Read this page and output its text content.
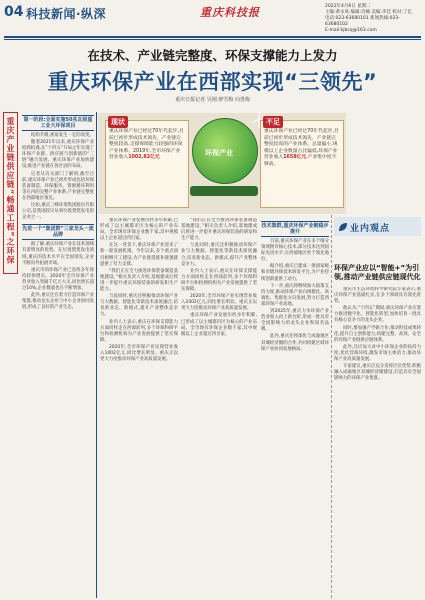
04 科技新闻·纵深	重庆科技报	2021年4月6日 星期二
主编:黄永凤 编辑:肖楠 美编:李佳 校对:了亿
电话:023-63680101 新闻热线:023-63680102
E-mail:kjbcq@163.com
在技术、产业链完整度、环保支撑能力上发力
重庆环保产业在西部实现“三领先”
重庆日报记者 吴刚 廖雪梅 向勇梅
重庆产业链供应链“畅通工程”之环保	第一阶段:全面实施50兆瓦级重工业大环保项目

结构升级,视角发生一定的改变。

随着2021年以来,重庆环保产业抢抓机遇,在“十四五”开局之年实现了环保产业链、供应链与创新链的“三链”融合发展。重庆环保产业加快建设,推进产业链在各区县的布局。

记者从有关部门了解到,截至目前,重庆环保产业已初步形成包括环保装备制造、环保服务、资源循环利用等在内的完整产业体系,产业链完整度在西部地区领先。

比如,重庆三峰环境集团股份有限公司,是我国较早从事垃圾焚烧发电的企业之一。

先进一个“集团群”三家龙头一流品牌

据了解,重庆环保产业在技术领域有着明显的优势。在垃圾焚烧发电领域,重庆的技术水平在全国领先,企业不断向外拓展市场。

重庆市的环保产业已连续多年保持较快增长。2020年全市环保产业营业收入突破千亿元大关,同比增长超过10%,企业数量也在不断增加。

此外,重庆还在着力打造环保产业集群,推动龙头企业与中小企业协同发展,形成了良好的产业生态。

现状
重庆环保产业已经过70年代起步,目前已初步形成技术领先、产业链完整度较高,支撑保障能力较强的环保产业体系。2019年,全市环保产业营业收入1002.82亿元
环保产业
不足
重庆环保产业已经过70年代起步,目前已初步形成技术领先、产业链完整度较高的产业体系。总量偏小,规模以上企业数量占比偏低,环保产业营业收入1658亿元,产业集中度不够高。

重庆环保产业发展历经多年积累,已形成了以主城都市区为核心的产业布局。全市现有环保企业数千家,其中规模以上企业超过四百家。

在这一背景下,重庆环保产业迎来了新一轮发展机遇。今年以来,多个重点项目相继开工建设,为产业链延链补链强链提供了有力支撑。

“我们正在全力推进环保装备制造基地建设。”相关负责人介绍,基地建成后将进一步提升重庆环保装备的研发和生产能力。

与此同时,重庆还积极推动环保产业与大数据、智能化等新技术深度融合,培育新业态、新模式,提升产业整体竞争力。

业内人士表示,重庆在环保支撑能力方面同样走在西部前列,多个环保科研平台和检测机构为产业发展提供了坚实保障。

2020年,全市环保产业实现营业收入1002亿元,同比增长明显。重庆正以更大力度推动环保产业高质量发展。

“我们正在全力推进环保装备制造基地建设。”相关负责人介绍,基地建成后将进一步提升重庆环保装备的研发和生产能力。

与此同时,重庆还积极推动环保产业与大数据、智能化等新技术深度融合,培育新业态、新模式,提升产业整体竞争力。

业内人士表示,重庆在环保支撑能力方面同样走在西部前列,多个环保科研平台和检测机构为产业发展提供了坚实保障。

2020年,全市环保产业实现营业收入1002亿元,同比增长明显。重庆正以更大力度推动环保产业高质量发展。

重庆环保产业发展历经多年积累,已形成了以主城都市区为核心的产业布局。全市现有环保企业数千家,其中规模以上企业超过四百家。

技术集群,重庆环保产业链稳步提升

目前,重庆环保产业在多个细分领域拥有核心技术,部分技术达到国际先进水平,在西部地区处于领先地位。

据介绍,重庆已建成一批国家级和市级环保技术研发平台,为产业持续创新提供了动力。

下一步,重庆将继续加大政策支持力度,推动环保产业向规模化、高端化、集群化方向发展,努力打造西部环保产业高地。

到2025年,重庆力争环保产业营业收入再上新台阶,形成一批具有全国影响力的龙头企业和知名品牌。

此外,重庆还将深化与成渝地区双城经济圈的合作,共同构建区域环保产业协同发展格局。

业内观点
环保产业应以“智能+”为引领,推动产业链供应链现代化

重庆市生态环境科学研究院专家表示,重庆环保产业基础扎实,在多个领域具有领先优势。

他认为,“十四五”期间,重庆环保产业应着力推进数字化、智能化转型,加快培育一批具有核心竞争力的龙头企业。

同时,要加强产学研合作,推动科技成果转化,提升自主创新能力,构建完整、高效、安全的环保产业链供应链体系。

此外,还应加大对中小环保企业的扶持力度,优化营商环境,激发市场主体活力,推动环保产业高质量发展。

专家建议,重庆应充分发挥区位优势,积极融入成渝地区双城经济圈建设,打造具有全国影响力的环保产业集群。
